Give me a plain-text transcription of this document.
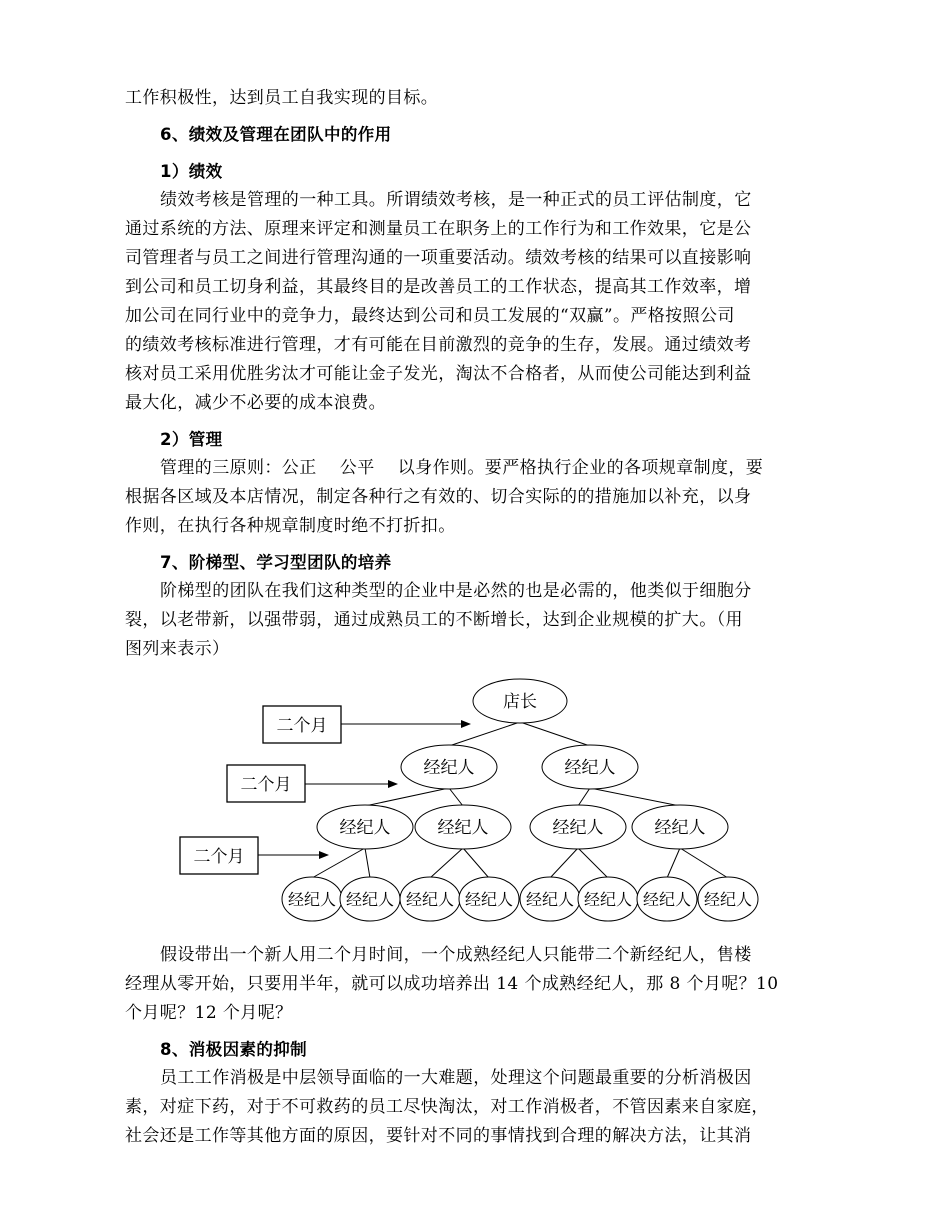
工作积极性，达到员工自我实现的目标。
6、绩效及管理在团队中的作用
1）绩效
绩效考核是管理的一种工具。所谓绩效考核，是一种正式的员工评估制度，它
通过系统的方法、原理来评定和测量员工在职务上的工作行为和工作效果，它是公
司管理者与员工之间进行管理沟通的一项重要活动。绩效考核的结果可以直接影响
到公司和员工切身利益，其最终目的是改善员工的工作状态，提高其工作效率，增
加公司在同行业中的竞争力，最终达到公司和员工发展的“双赢”。严格按照公司
的绩效考核标准进行管理，才有可能在目前激烈的竞争的生存，发展。通过绩效考
核对员工采用优胜劣汰才可能让金子发光，淘汰不合格者，从而使公司能达到利益
最大化，减少不必要的成本浪费。
2）管理
管理的三原则：公正　 公平　 以身作则。要严格执行企业的各项规章制度，要
根据各区域及本店情况，制定各种行之有效的、切合实际的的措施加以补充，以身
作则，在执行各种规章制度时绝不打折扣。
7、阶梯型、学习型团队的培养
阶梯型的团队在我们这种类型的企业中是必然的也是必需的，他类似于细胞分
裂，以老带新，以强带弱，通过成熟员工的不断增长，达到企业规模的扩大。（用
图列来表示）
二个月
二个月
二个月
店长
经纪人	经纪人
经纪人	经纪人	经纪人	经纪人
经纪人 经纪人 经纪人 经纪人 经纪人 经纪人 经纪人 经纪人
假设带出一个新人用二个月时间，一个成熟经纪人只能带二个新经纪人，售楼
经理从零开始，只要用半年，就可以成功培养出 14 个成熟经纪人，那 8 个月呢？10
个月呢？12 个月呢？
8、消极因素的抑制
员工工作消极是中层领导面临的一大难题，处理这个问题最重要的分析消极因
素，对症下药，对于不可救药的员工尽快淘汰，对工作消极者，不管因素来自家庭，
社会还是工作等其他方面的原因，要针对不同的事情找到合理的解决方法，让其消
